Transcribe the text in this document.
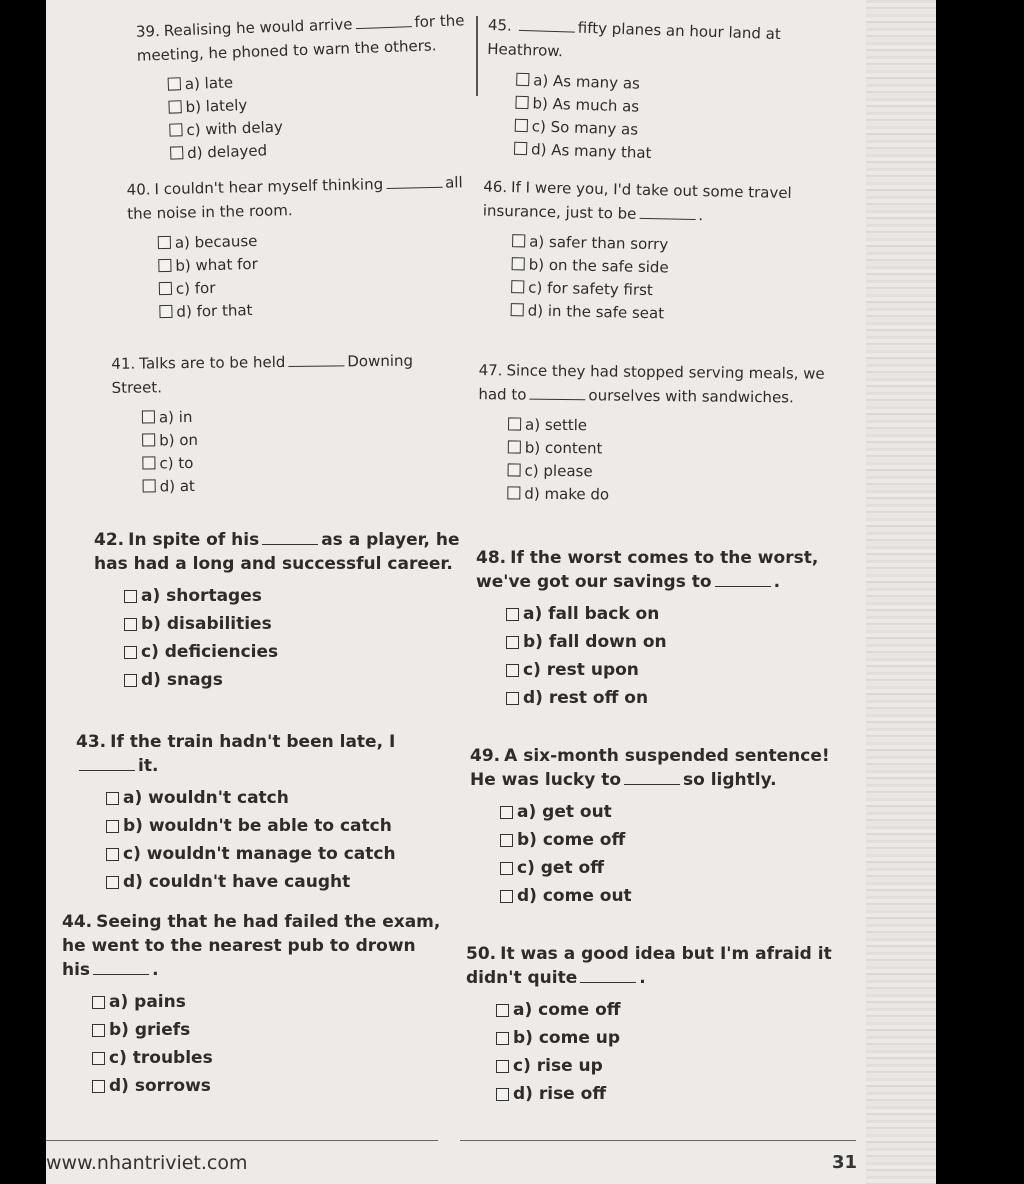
39. Realising he would arrive	for the meeting, he phoned to warn the others.
a) late
b) lately
c) with delay
d) delayed
40. I couldn't hear myself thinking	all the noise in the room.
a) because
b) what for
c) for
d) for that
41. Talks are to be held	Downing Street.
a) in
b) on
c) to
d) at
42. In spite of his	as a player, he has had a long and successful career.
a) shortages
b) disabilities
c) deficiencies
d) snags
43. If the train hadn't been late, Iit.
a) wouldn't catch
b) wouldn't be able to catch
c) wouldn't manage to catch
d) couldn't have caught
44. Seeing that he had failed the exam, he went to the nearest pub to drown his	.
a) pains
b) griefs
c) troubles
d) sorrows
45.	fifty planes an hour land at Heathrow.
a) As many as
b) As much as
c) So many as
d) As many that
46. If I were you, I'd take out some travel insurance, just to be	.
a) safer than sorry
b) on the safe side
c) for safety first
d) in the safe seat
47. Since they had stopped serving meals, we had to	ourselves with sandwiches.
a) settle
b) content
c) please
d) make do
48. If the worst comes to the worst, we've got our savings to	.
a) fall back on
b) fall down on
c) rest upon
d) rest off on
49. A six-month suspended sentence! He was lucky to	so lightly.
a) get out
b) come off
c) get off
d) come out
50. It was a good idea but I'm afraid it didn't quite	.
a) come off
b) come up
c) rise up
d) rise off
www.nhantriviet.com	31
